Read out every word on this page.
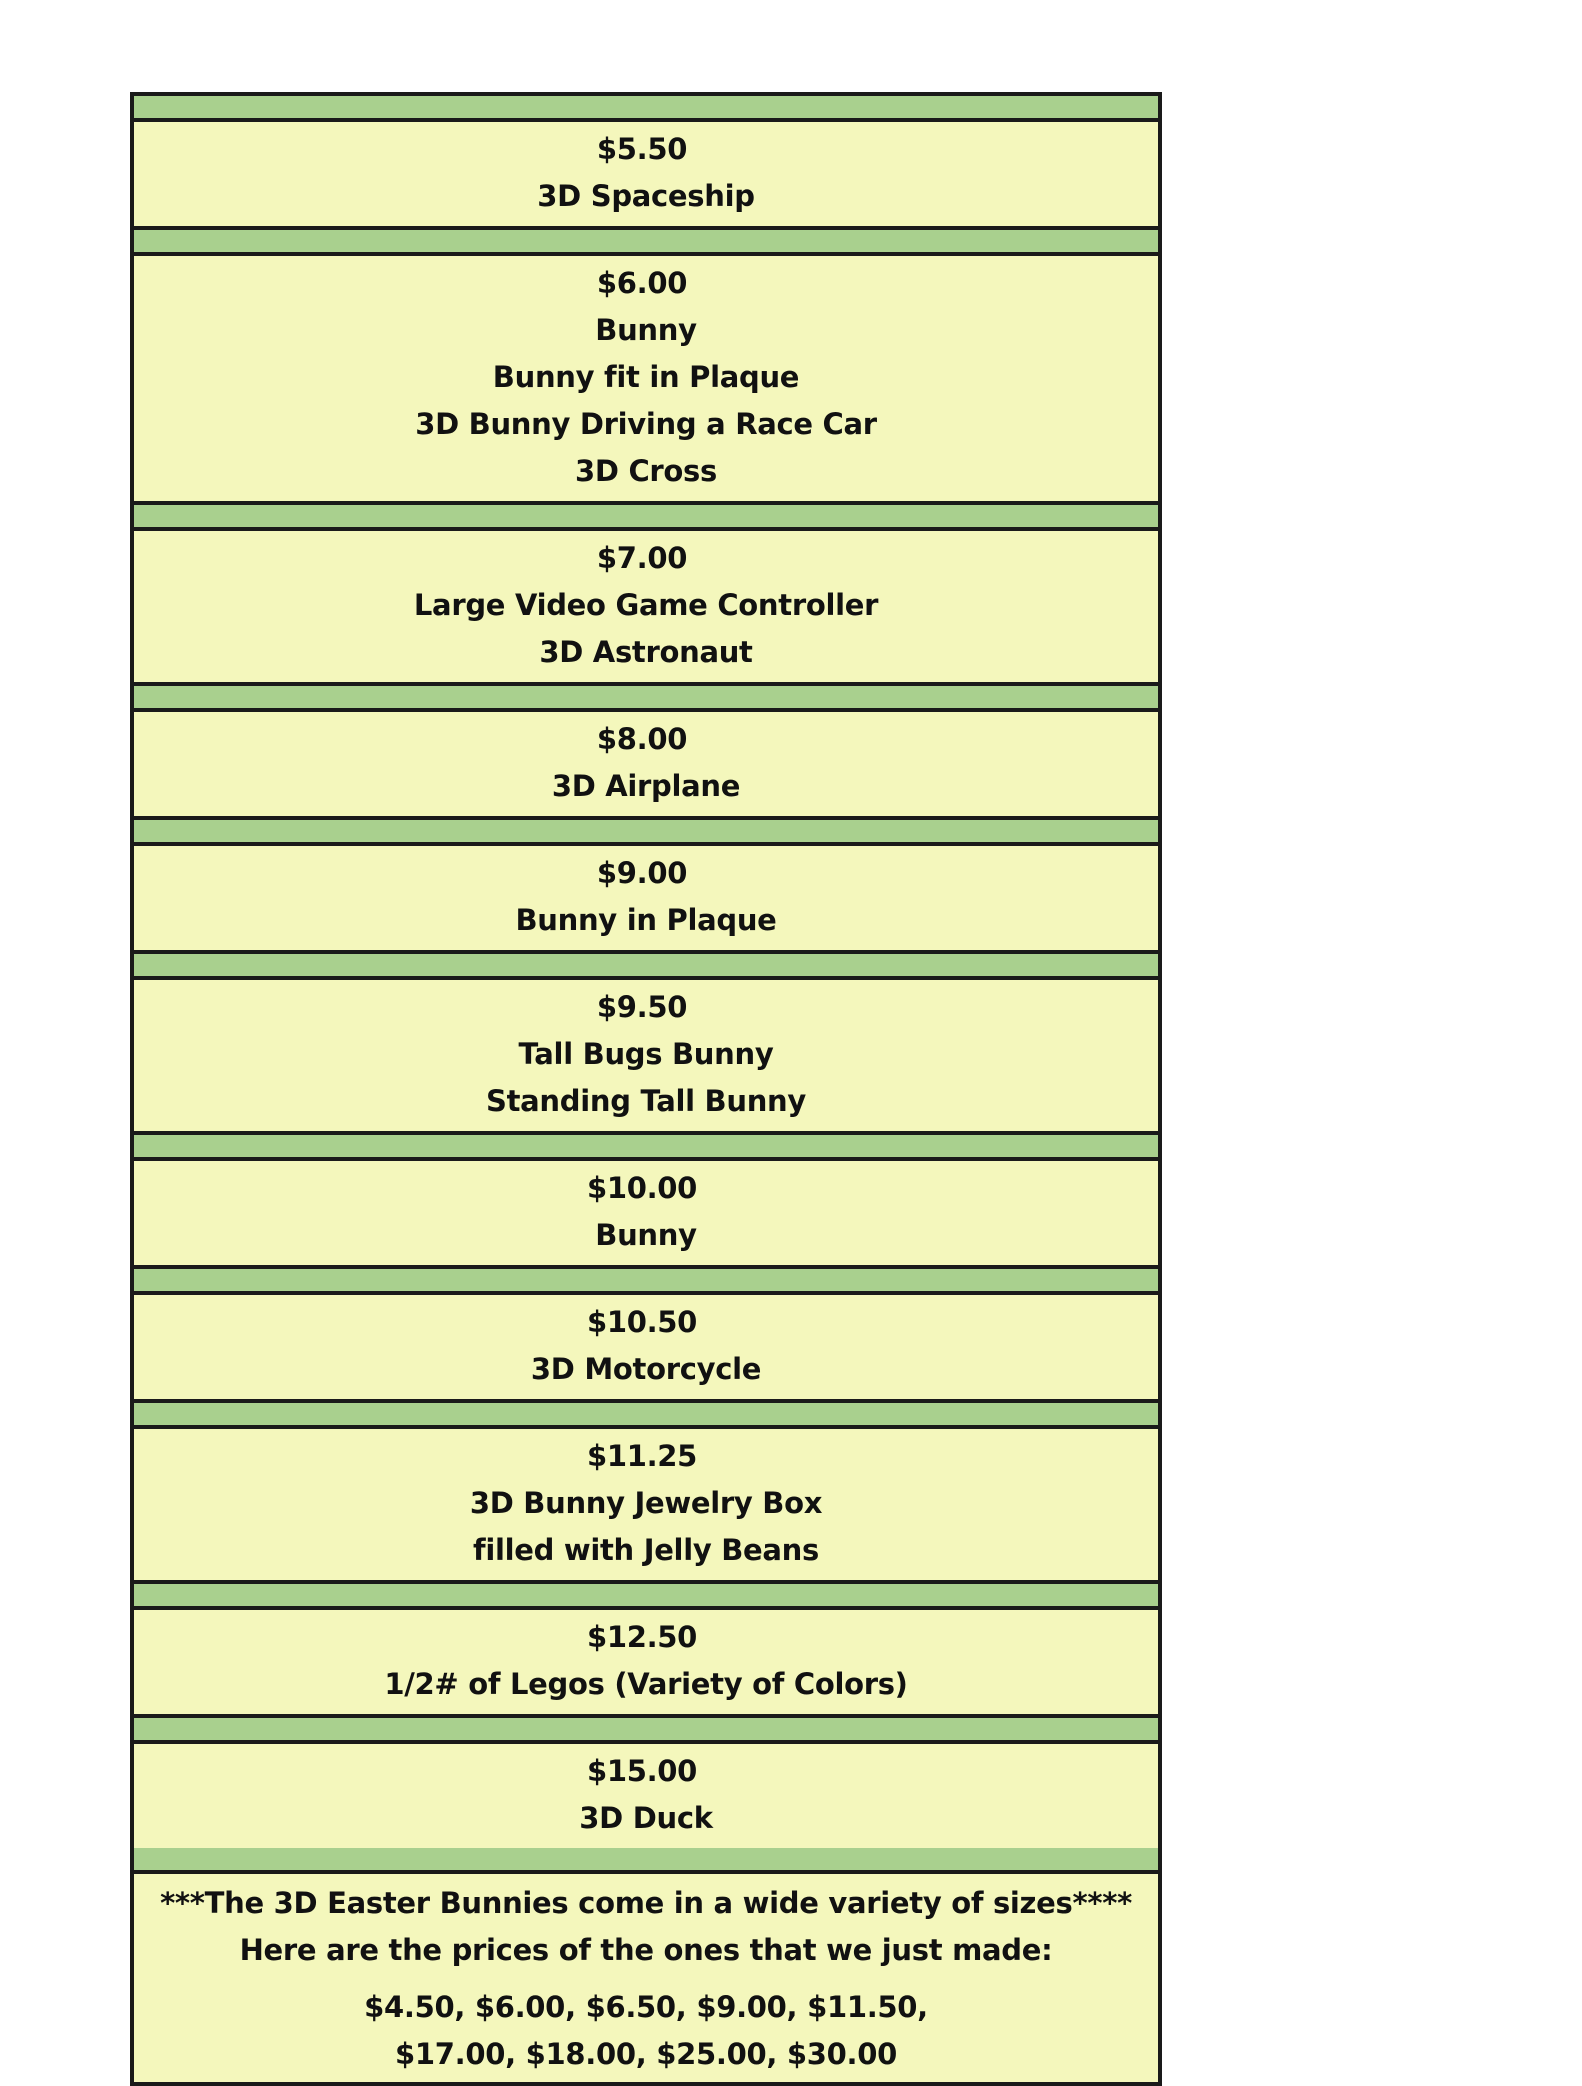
$5.50
3D Spaceship
$6.00
Bunny
Bunny fit in Plaque
3D Bunny Driving a Race Car
3D Cross
$7.00
Large Video Game Controller
3D Astronaut
$8.00
3D Airplane
$9.00
Bunny in Plaque
$9.50
Tall Bugs Bunny
Standing Tall Bunny
$10.00
Bunny
$10.50
3D Motorcycle
$11.25
3D Bunny Jewelry Box
filled with Jelly Beans
$12.50
1/2# of Legos (Variety of Colors)
$15.00
3D Duck
***The 3D Easter Bunnies come in a wide variety of sizes****
Here are the prices of the ones that we just made:
$4.50, $6.00, $6.50, $9.00, $11.50,
$17.00, $18.00, $25.00, $30.00
